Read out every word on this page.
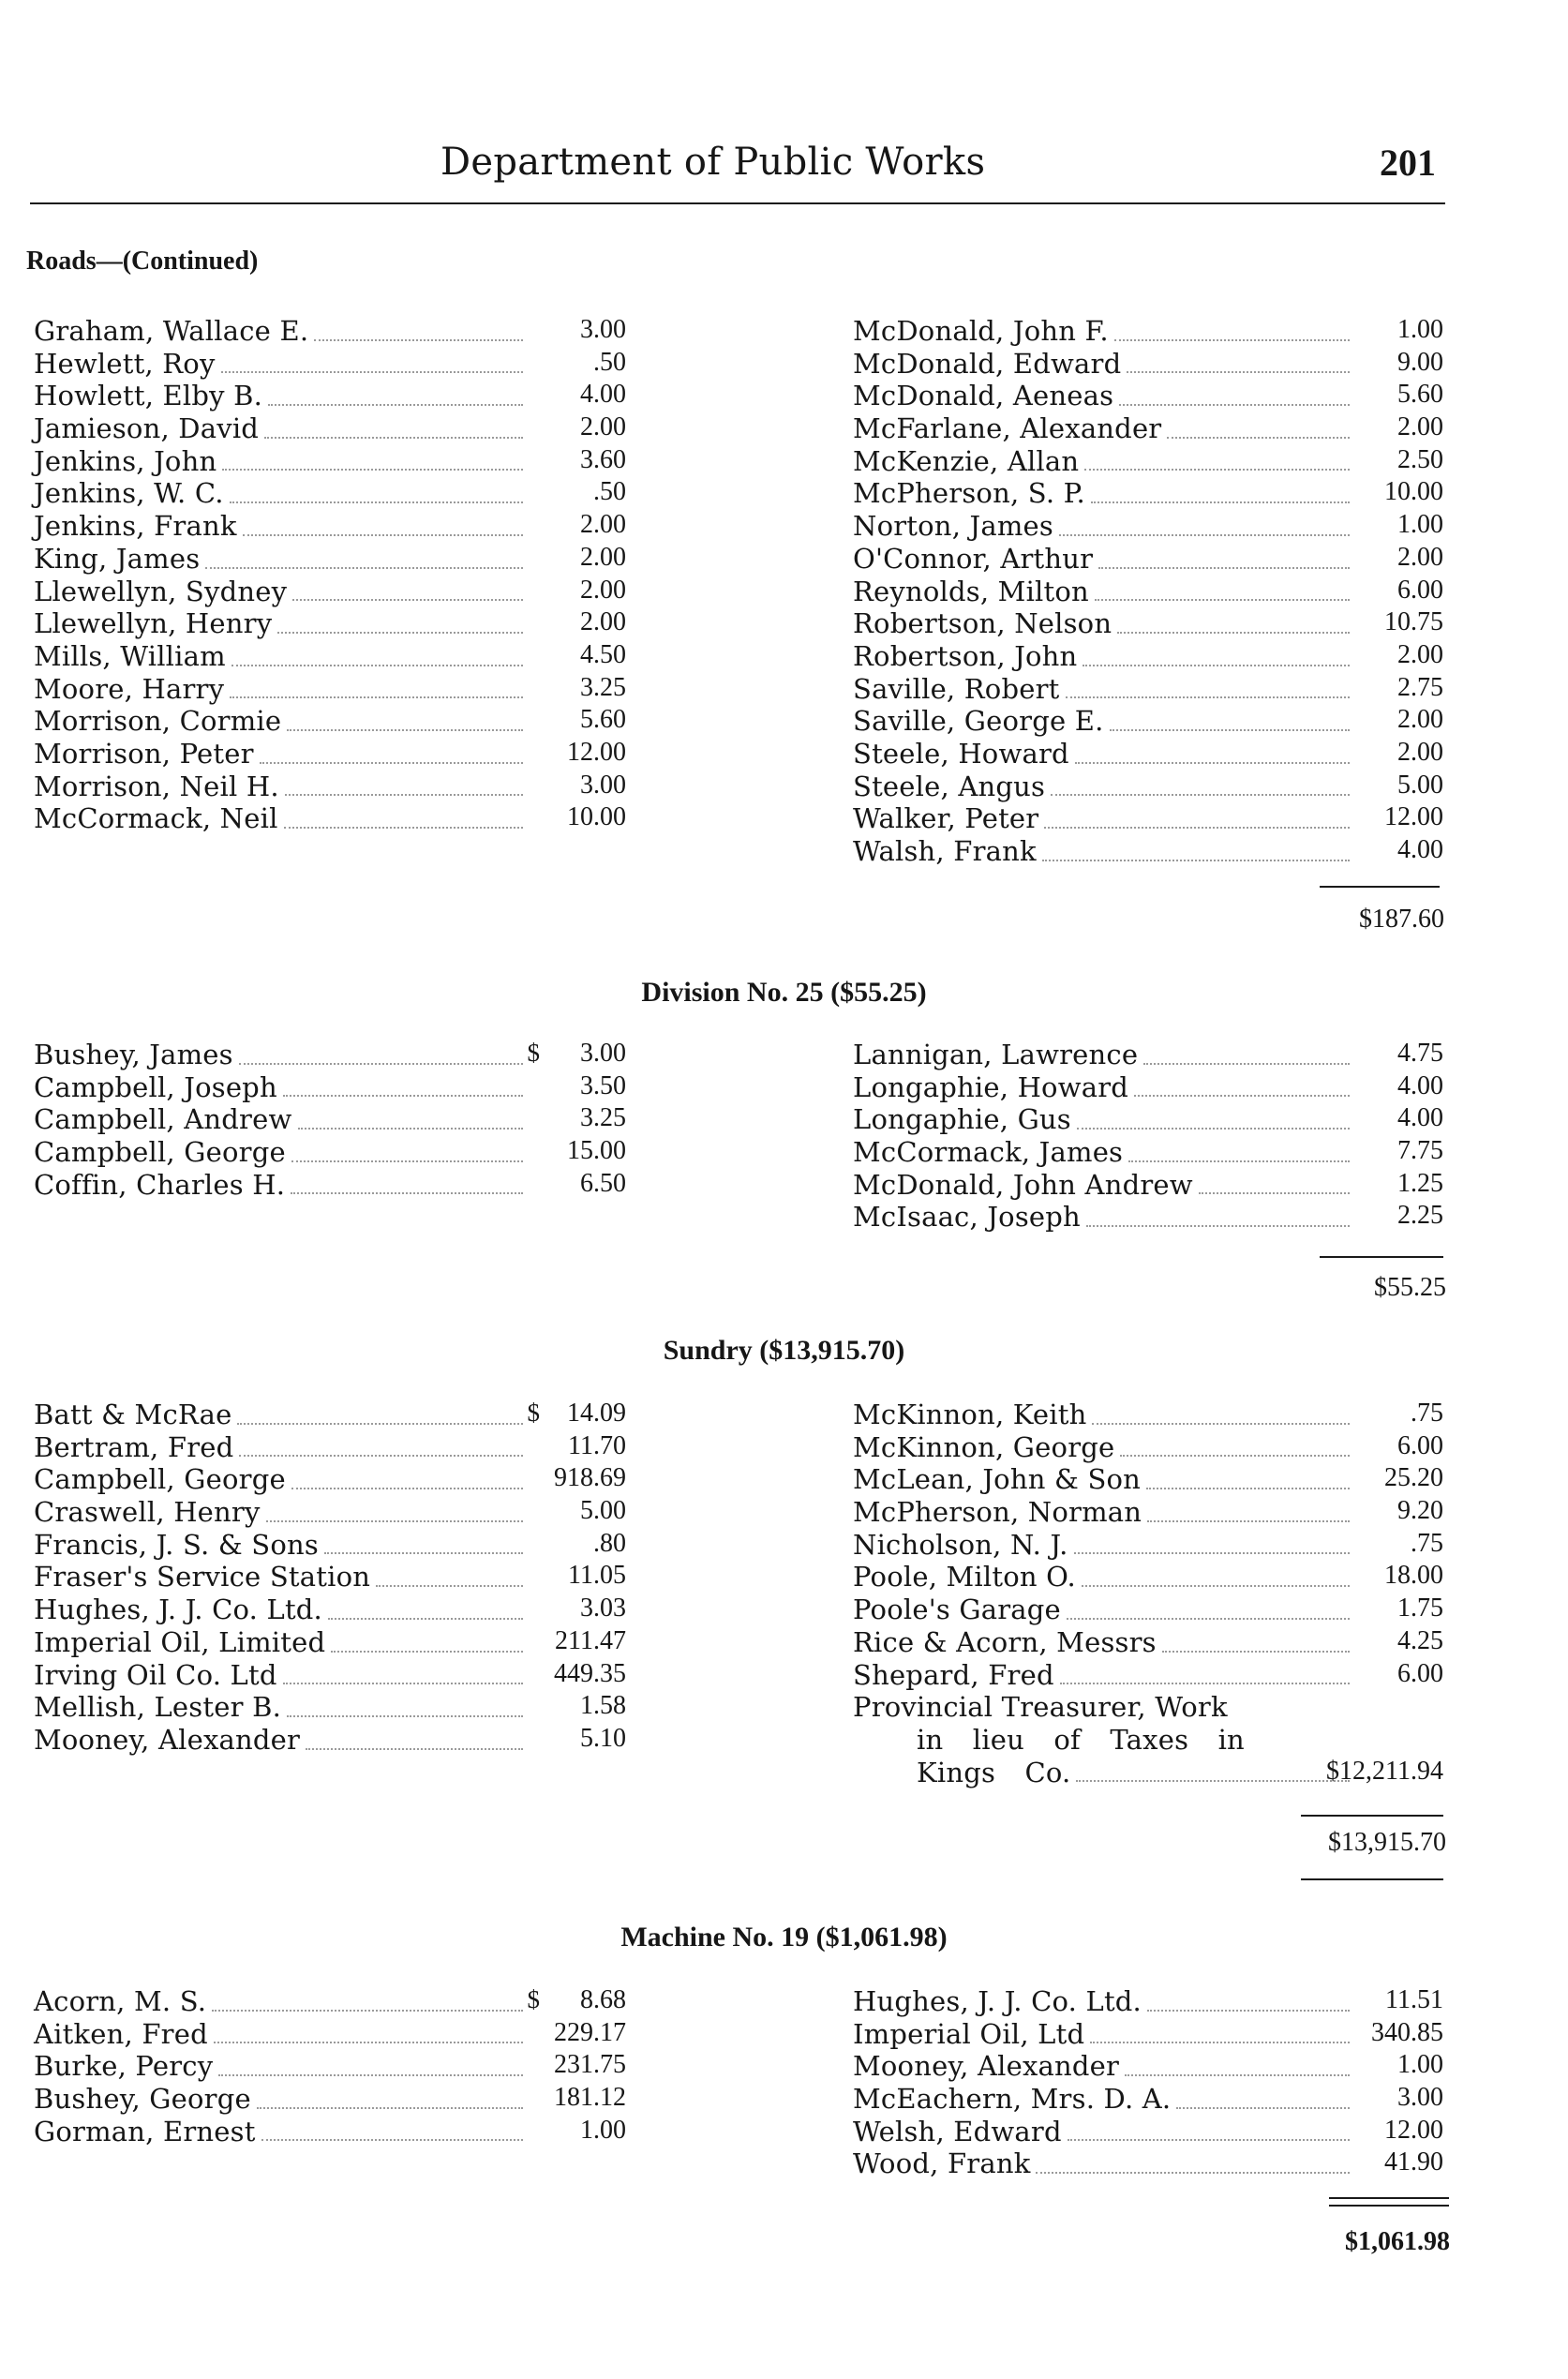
Department of Public Works	201
Roads—(Continued)
Graham, Wallace E.	3.00
Hewlett, Roy	.50
Howlett, Elby B.	4.00
Jamieson, David	2.00
Jenkins, John	3.60
Jenkins, W. C.	.50
Jenkins, Frank	2.00
King, James	2.00
Llewellyn, Sydney	2.00
Llewellyn, Henry	2.00
Mills, William	4.50
Moore, Harry	3.25
Morrison, Cormie	5.60
Morrison, Peter	12.00
Morrison, Neil H.	3.00
McCormack, Neil	10.00
McDonald, John F.	1.00
McDonald, Edward	9.00
McDonald, Aeneas	5.60
McFarlane, Alexander	2.00
McKenzie, Allan	2.50
McPherson, S. P.	10.00
Norton, James	1.00
O'Connor, Arthur	2.00
Reynolds, Milton	6.00
Robertson, Nelson	10.75
Robertson, John	2.00
Saville, Robert	2.75
Saville, George E.	2.00
Steele, Howard	2.00
Steele, Angus	5.00
Walker, Peter	12.00
Walsh, Frank	4.00
$187.60
Division No. 25 ($55.25)
Bushey, James	$ 3.00
Campbell, Joseph	3.50
Campbell, Andrew	3.25
Campbell, George	15.00
Coffin, Charles H.	6.50
Lannigan, Lawrence	4.75
Longaphie, Howard	4.00
Longaphie, Gus	4.00
McCormack, James	7.75
McDonald, John Andrew	1.25
McIsaac, Joseph	2.25
$55.25
Sundry ($13,915.70)
Batt & McRae	$ 14.09
Bertram, Fred	11.70
Campbell, George	918.69
Craswell, Henry	5.00
Francis, J. S. & Sons	.80
Fraser's Service Station	11.05
Hughes, J. J. Co. Ltd.	3.03
Imperial Oil, Limited	211.47
Irving Oil Co. Ltd	449.35
Mellish, Lester B.	1.58
Mooney, Alexander	5.10
McKinnon, Keith	.75
McKinnon, George	6.00
McLean, John & Son	25.20
McPherson, Norman	9.20
Nicholson, N. J.	.75
Poole, Milton O.	18.00
Poole's Garage	1.75
Rice & Acorn, Messrs	4.25
Shepard, Fred	6.00
Provincial Treasurer, Work
in lieu of Taxes in
Kings Co.	$12,211.94
$13,915.70
Machine No. 19 ($1,061.98)
Acorn, M. S.	$ 8.68
Aitken, Fred	229.17
Burke, Percy	231.75
Bushey, George	181.12
Gorman, Ernest	1.00
Hughes, J. J. Co. Ltd.	11.51
Imperial Oil, Ltd	340.85
Mooney, Alexander	1.00
McEachern, Mrs. D. A.	3.00
Welsh, Edward	12.00
Wood, Frank	41.90
$1,061.98
